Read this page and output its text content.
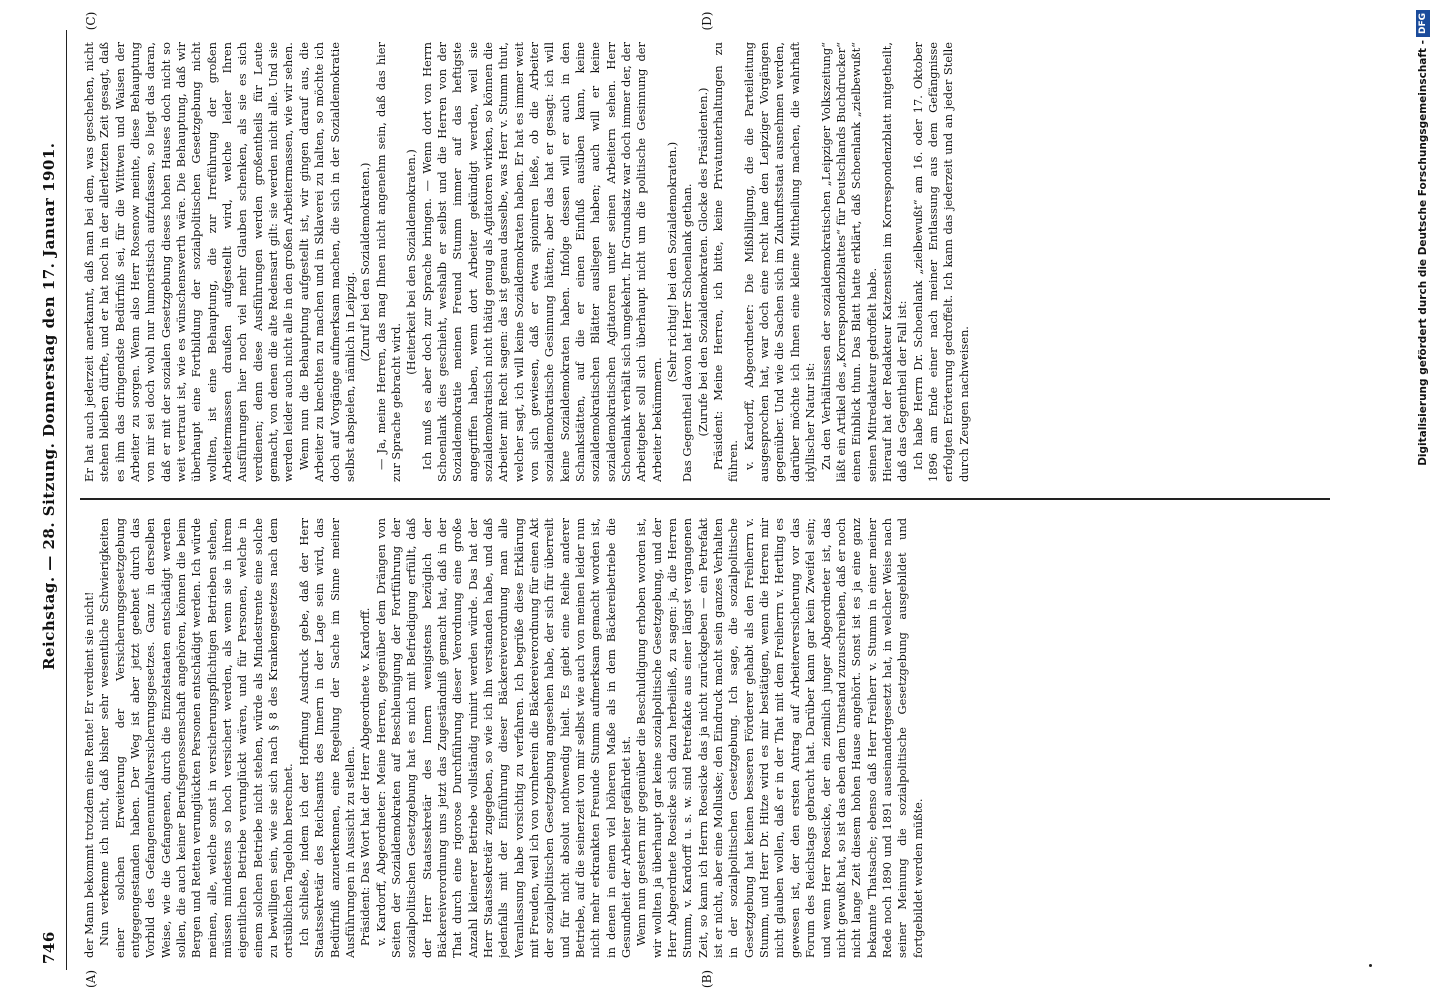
746
Reichstag. — 28. Sitzung. Donnerstag den 17. Januar 1901.
(A)	(B)
(C)	(D)

der Mann bekommt trotzdem eine Rente! Er verdient sie nicht! Nun verkenne ich nicht, daß bisher sehr wesentliche Schwierigkeiten einer solchen Erweiterung der Versicherungsgesetzgebung entgegengestanden haben. Der Weg ist aber jetzt geebnet durch das Vorbild des Gefangenenunfallversicherungsgesetzes. Ganz in derselben Weise, wie die Gefangenen, durch die Einzelstaaten entschädigt werden sollen, die auch keiner Berufsgenossenschaft angehören, können die beim Bergen und Retten verunglückten Personen entschädigt werden. Ich würde meinen, alle, welche sonst in versicherungspflichtigen Betrieben stehen, müssen mindestens so hoch versichert werden, als wenn sie in ihrem eigentlichen Betriebe verunglückt wären, und für Personen, welche in einem solchen Betriebe nicht stehen, würde als Mindestrente eine solche zu bewilligen sein, wie sie sich nach § 8 des Krankengesetzes nach dem ortsüblichen Tagelohn berechnet. Ich schließe, indem ich der Hoffnung Ausdruck gebe, daß der Herr Staatssekretär des Reichsamts des Innern in der Lage sein wird, das Bedürfniß anzuerkennen, eine Regelung der Sache im Sinne meiner Ausführungen in Aussicht zu stellen. Präsident: Das Wort hat der Herr Abgeordnete v. Kardorff. v. Kardorff, Abgeordneter: Meine Herren, gegenüber dem Drängen von Seiten der Sozialdemokraten auf Beschleunigung der Fortführung der sozialpolitischen Gesetzgebung hat es mich mit Befriedigung erfüllt, daß der Herr Staatssekretär des Innern wenigstens bezüglich der Bäckereiverordnung uns jetzt das Zugeständniß gemacht hat, daß in der That durch eine rigorose Durchführung dieser Verordnung eine große Anzahl kleinerer Betriebe vollständig ruinirt werden würde. Das hat der Herr Staatssekretär zugegeben, so wie ich ihn verstanden habe, und daß jedenfalls mit der Einführung dieser Bäckereiverordnung man alle Veranlassung habe vorsichtig zu verfahren. Ich begrüße diese Erklärung mit Freuden, weil ich von vornherein die Bäckereiverordnung für einen Akt der sozialpolitischen Gesetzgebung angesehen habe, der sich für überreilt und für nicht absolut nothwendig hielt. Es giebt eine Reihe anderer Betriebe, auf die seinerzeit von mir selbst wie auch von meinen leider nun nicht mehr erkrankten Freunde Stumm aufmerksam gemacht worden ist, in denen in einem viel höheren Maße als in dem Bäckereibetriebe die Gesundheit der Arbeiter gefährdet ist. Wenn nun gestern mir gegenüber die Beschuldigung erhoben worden ist, wir wollten ja überhaupt gar keine sozialpolitische Gesetzgebung, und der Herr Abgeordnete Roesicke sich dazu herbeiließ, zu sagen: ja, die Herren Stumm, v. Kardorff u. s. w. sind Petrefakte aus einer längst vergangenen Zeit, so kann ich Herrn Roesicke das ja nicht zurückgeben — ein Petrefakt ist er nicht, aber eine Molluske; den Eindruck macht sein ganzes Verhalten in der sozialpolitischen Gesetzgebung. Ich sage, die sozialpolitische Gesetzgebung hat keinen besseren Förderer gehabt als den Freiherrn v. Stumm, und Herr Dr. Hitze wird es mir bestätigen, wenn die Herren mir nicht glauben wollen, daß er in der That mit dem Freiherrn v. Hertling es gewesen ist, der den ersten Antrag auf Arbeiterversicherung vor das Forum des Reichstags gebracht hat. Darüber kann gar kein Zweifel sein; und wenn Herr Roesicke, der ein ziemlich junger Abgeordneter ist, das nicht gewußt hat, so ist das eben dem Umstand zuzuschreiben, daß er noch nicht lange Zeit diesem hohen Hause angehört. Sonst ist es ja eine ganz bekannte Thatsache; ebenso daß Herr Freiherr v. Stumm in einer meiner Rede noch 1890 und 1891 auseinandergesetzt hat, in welcher Weise nach seiner Meinung die sozialpolitische Gesetzgebung ausgebildet und fortgebildet werden müßte.

Er hat auch jederzeit anerkannt, daß man bei dem, was geschehen, nicht stehen bleiben dürfte, und er hat noch in der allerletzten Zeit gesagt, daß es ihm das dringendste Bedürfniß sei, für die Wittwen und Waisen der Arbeiter zu sorgen. Wenn also Herr Rosenow meinte, diese Behauptung von mir sei doch wohl nur humoristisch aufzufassen, so liegt das daran, daß er mit der sozialen Gesetzgebung dieses hohen Hauses doch nicht so weit vertraut ist, wie es wünschenswerth wäre. Die Behauptung, daß wir überhaupt eine Fortbildung der sozialpolitischen Gesetzgebung nicht wollten, ist eine Behauptung, die zur Irreführung der großen Arbeitermassen draußen aufgestellt wird, welche leider Ihren Ausführungen hier noch viel mehr Glauben schenken, als sie es sich verdienen; denn diese Ausführungen werden großentheils für Leute gemacht, von denen die alte Redensart gilt: sie werden nicht alle. Und sie werden leider auch nicht alle in den großen Arbeitermassen, wie wir sehen. Wenn nun die Behauptung aufgestellt ist, wir gingen darauf aus, die Arbeiter zu knechten zu machen und in Sklaverei zu halten, so möchte ich doch auf Vorgänge aufmerksam machen, die sich in der Sozialdemokratie selbst abspielen, nämlich in Leipzig.

(Zuruf bei den Sozialdemokraten.) — Ja, meine Herren, das mag Ihnen nicht angenehm sein, daß das hier zur Sprache gebracht wird.

(Heiterkeit bei den Sozialdemokraten.) Ich muß es aber doch zur Sprache bringen. — Wenn dort von Herrn Schoenlank dies geschieht, weshalb er selbst und die Herren von der Sozialdemokratie meinen Freund Stumm immer auf das heftigste angegriffen haben, wenn dort Arbeiter gekündigt werden, weil sie sozialdemokratisch nicht thätig genug als Agitatoren wirken, so können die Arbeiter mit Recht sagen: das ist genau dasselbe, was Herr v. Stumm thut, welcher sagt, ich will keine Sozialdemokraten haben. Er hat es immer weit von sich gewiesen, daß er etwa spioniren ließe, ob die Arbeiter sozialdemokratische Gesinnung hätten; aber das hat er gesagt: ich will keine Sozialdemokraten haben. Infolge dessen will er auch in den Schankstätten, auf die er einen Einfluß ausüben kann, keine sozialdemokratischen Blätter ausliegen haben; auch will er keine sozialdemokratischen Agitatoren unter seinen Arbeitern sehen. Herr Schoenlank verhält sich umgekehrt. Ihr Grundsatz war doch immer der, der Arbeitgeber soll sich überhaupt nicht um die politische Gesinnung der Arbeiter bekümmern.

(Sehr richtig! bei den Sozialdemokraten.) Das Gegentheil davon hat Herr Schoenlank gethan. (Zurufe bei den Sozialdemokraten. Glocke des Präsidenten.) Präsident: Meine Herren, ich bitte, keine Privatunterhaltungen zu führen. v. Kardorff, Abgeordneter: Die Mißbilligung, die die Parteileitung ausgesprochen hat, war doch eine recht lane den Leipziger Vorgängen gegenüber. Und wie die Sachen sich im Zukunftsstaat ausnehmen werden, darüber möchte ich Ihnen eine kleine Mittheilung machen, die wahrhaft idyllischer Natur ist: Zu den Verhältnissen der sozialdemokratischen „Leipziger Volkszeitung“ läßt ein Artikel des „Korrespondenzblattes“ für Deutschlands Buchdrucker“ einen Einblick thun. Das Blatt hatte erklärt, daß Schoenlank „zielbewußt“ seinen Mitredakteur gedroffelt habe. Hierauf hat der Redakteur Katzenstein im Korrespondenzblatt mitgetheilt, daß das Gegentheil der Fall ist: Ich habe Herrn Dr. Schoenlank „zielbewußt“ am 16. oder 17. Oktober 1896 am Ende einer nach meiner Entlassung aus dem Gefängnisse erfolgten Erörterung gedroffelt. Ich kann das jederzeit und an jeder Stelle durch Zeugen nachweisen.	Digitalisierung gefördert durch die Deutsche Forschungsgemeinschaft -DFG
